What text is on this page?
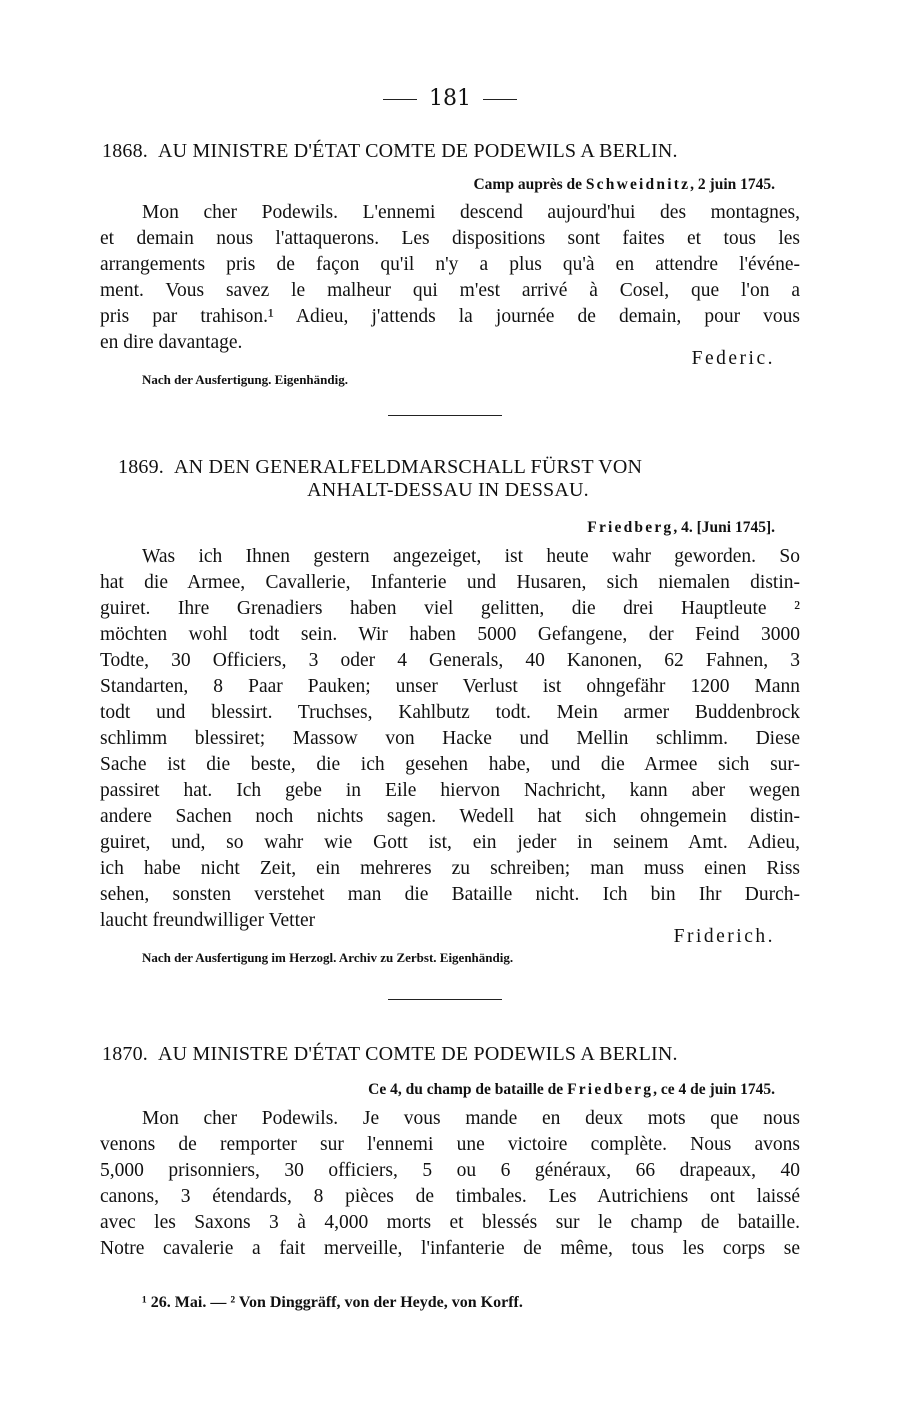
181
1868. AU MINISTRE D'ÉTAT COMTE DE PODEWILS A BERLIN.
Camp auprès de Schweidnitz, 2 juin 1745.
Mon cher Podewils. L'ennemi descend aujourd'hui des montagnes,
et demain nous l'attaquerons. Les dispositions sont faites et tous les
arrangements pris de façon qu'il n'y a plus qu'à en attendre l'événe-
ment. Vous savez le malheur qui m'est arrivé à Cosel, que l'on a
pris par trahison.¹ Adieu, j'attends la journée de demain, pour vous
en dire davantage.
Federic.
Nach der Ausfertigung. Eigenhändig.
1869. AN DEN GENERALFELDMARSCHALL FÜRST VON
ANHALT-DESSAU IN DESSAU.
Friedberg, 4. [Juni 1745].
Was ich Ihnen gestern angezeiget, ist heute wahr geworden. So
hat die Armee, Cavallerie, Infanterie und Husaren, sich niemalen distin-
guiret. Ihre Grenadiers haben viel gelitten, die drei Hauptleute ²
möchten wohl todt sein. Wir haben 5000 Gefangene, der Feind 3000
Todte, 30 Officiers, 3 oder 4 Generals, 40 Kanonen, 62 Fahnen, 3
Standarten, 8 Paar Pauken; unser Verlust ist ohngefähr 1200 Mann
todt und blessirt. Truchses, Kahlbutz todt. Mein armer Buddenbrock
schlimm blessiret; Massow von Hacke und Mellin schlimm. Diese
Sache ist die beste, die ich gesehen habe, und die Armee sich sur-
passiret hat. Ich gebe in Eile hiervon Nachricht, kann aber wegen
andere Sachen noch nichts sagen. Wedell hat sich ohngemein distin-
guiret, und, so wahr wie Gott ist, ein jeder in seinem Amt. Adieu,
ich habe nicht Zeit, ein mehreres zu schreiben; man muss einen Riss
sehen, sonsten verstehet man die Bataille nicht. Ich bin Ihr Durch-
laucht freundwilliger Vetter
Friderich.
Nach der Ausfertigung im Herzogl. Archiv zu Zerbst. Eigenhändig.
1870. AU MINISTRE D'ÉTAT COMTE DE PODEWILS A BERLIN.
Ce 4, du champ de bataille de Friedberg, ce 4 de juin 1745.
Mon cher Podewils. Je vous mande en deux mots que nous
venons de remporter sur l'ennemi une victoire complète. Nous avons
5,000 prisonniers, 30 officiers, 5 ou 6 généraux, 66 drapeaux, 40
canons, 3 étendards, 8 pièces de timbales. Les Autrichiens ont laissé
avec les Saxons 3 à 4,000 morts et blessés sur le champ de bataille.
Notre cavalerie a fait merveille, l'infanterie de même, tous les corps se
¹ 26. Mai. — ² Von Dinggräff, von der Heyde, von Korff.
